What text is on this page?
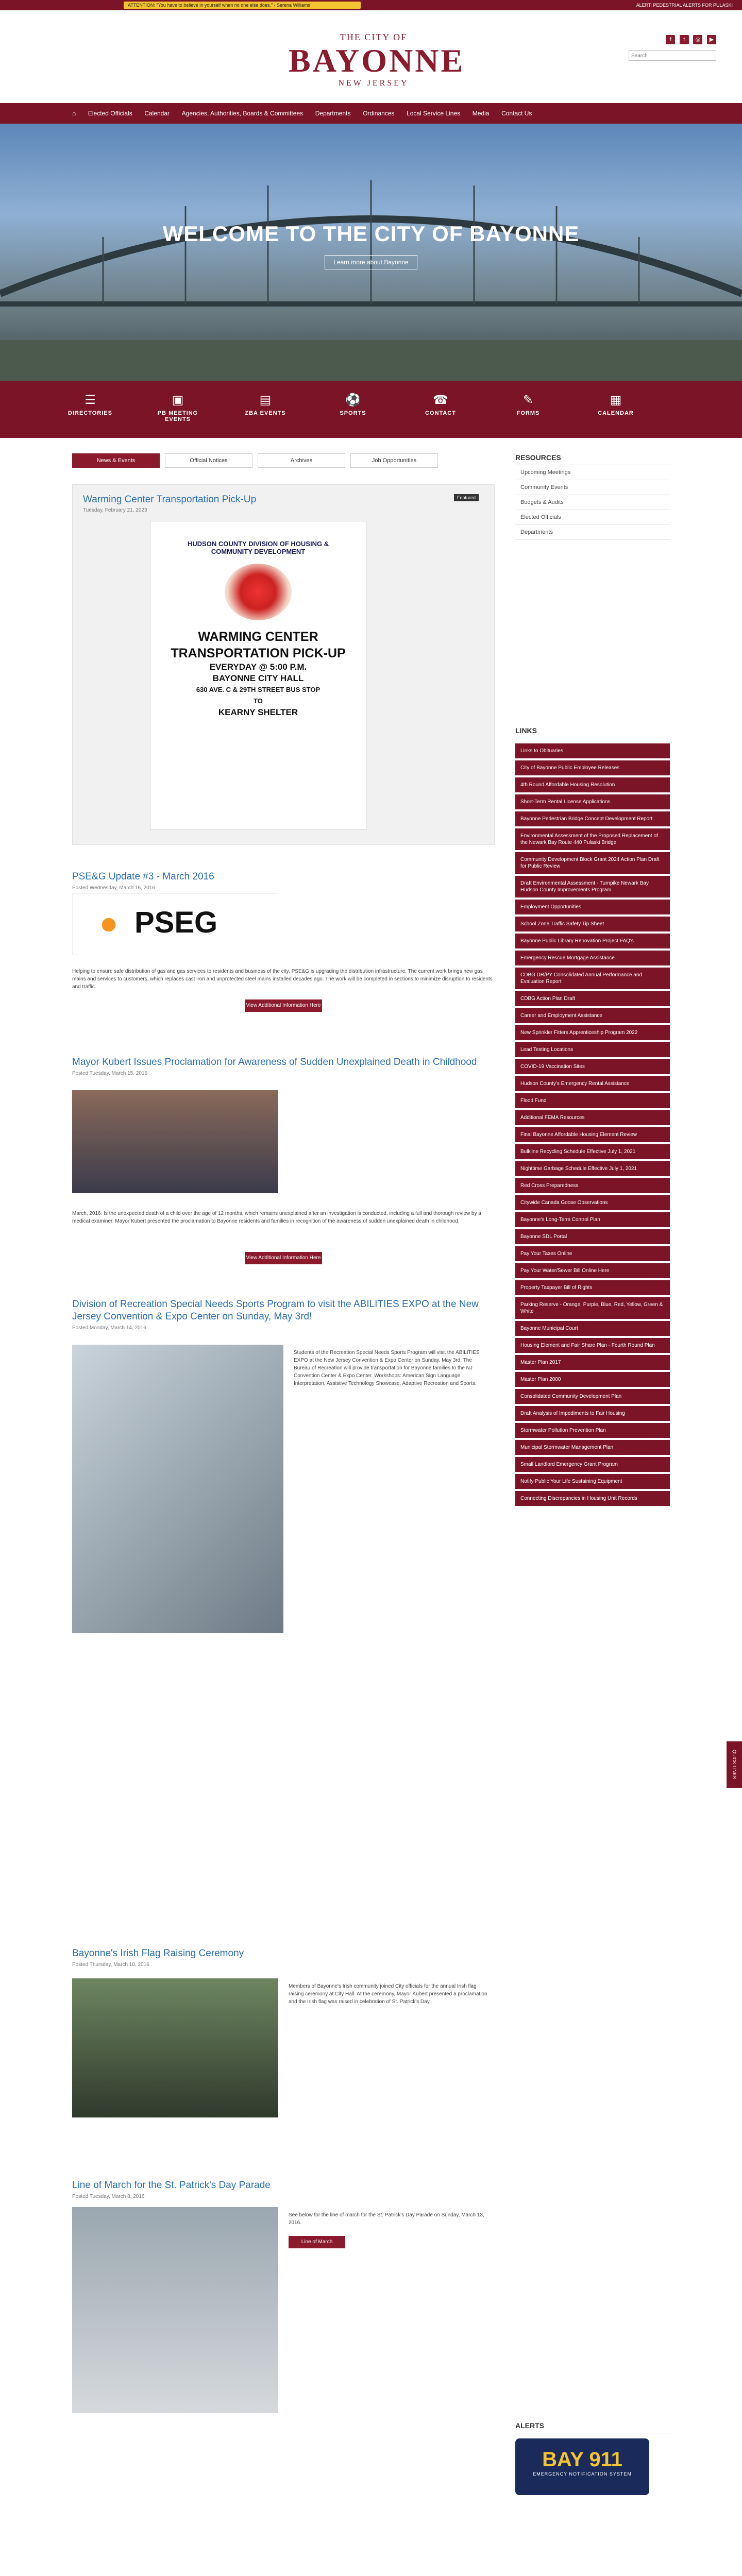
ATTENTION: "You have to believe in yourself when no one else does." - Serena Williams	ALERT: PEDESTRIAL ALERTS FOR PULASKI
THE CITY OF
BAYONNE
NEW JERSEY
f t ◎ ▶
Search
⌂ Elected Officials Calendar Agencies, Authorities, Boards & Committees Departments Ordinances Local Service Lines Media Contact Us
WELCOME TO THE CITY OF BAYONNE
Learn more about Bayonne
☰
DIRECTORIES
▣
PB MEETING EVENTS
▤
ZBA EVENTS
⚽
SPORTS
☎
CONTACT
✎
FORMS
▦
CALENDAR
News & Events	Official Notices	Archives	Job Opportunities
Warming Center Transportation Pick-Up
Tuesday, February 21, 2023
Featured
HUDSON COUNTY DIVISION OF HOUSING & COMMUNITY DEVELOPMENT
WARMING CENTER TRANSPORTATION PICK-UP
EVERYDAY @ 5:00 P.M.
BAYONNE CITY HALL
630 AVE. C & 29TH STREET BUS STOP
TO
KEARNY SHELTER
PSE&G Update #3 - March 2016
Posted Wednesday, March 16, 2016
PSEG

Helping to ensure safe distribution of gas and gas services to residents and business of the city, PSE&G is upgrading the distribution infrastructure. The current work brings new gas mains and services to customers, which replaces cast iron and unprotected steel mains installed decades ago. The work will be completed in sections to minimize disruption to residents and traffic.

View Additional Information Here
Mayor Kubert Issues Proclamation for Awareness of Sudden Unexplained Death in Childhood
Posted Tuesday, March 15, 2016

March, 2016: Is the unexpected death of a child over the age of 12 months, which remains unexplained after an investigation is conducted, including a full and thorough review by a medical examiner. Mayor Kubert presented the proclamation to Bayonne residents and families in recognition of the awareness of sudden unexplained death in childhood.

View Additional Information Here
Division of Recreation Special Needs Sports Program to visit the ABILITIES EXPO at the New Jersey Convention & Expo Center on Sunday, May 3rd!
Posted Monday, March 14, 2016

Students of the Recreation Special Needs Sports Program will visit the ABILITIES EXPO at the New Jersey Convention & Expo Center on Sunday, May 3rd. The Bureau of Recreation will provide transportation for Bayonne families to the NJ Convention Center & Expo Center. Workshops: American Sign Language Interpretation, Assistive Technology Showcase, Adaptive Recreation and Sports.

Bayonne's Irish Flag Raising Ceremony
Posted Thursday, March 10, 2016

Members of Bayonne's Irish community joined City officials for the annual Irish flag raising ceremony at City Hall. At the ceremony, Mayor Kubert presented a proclamation and the Irish flag was raised in celebration of St. Patrick's Day.

Line of March for the St. Patrick's Day Parade
Posted Tuesday, March 8, 2016

See below for the line of march for the St. Patrick's Day Parade on Sunday, March 13, 2016.

Line of March
RESOURCES
Upcoming Meetings
Community Events
Budgets & Audits
Elected Officials
Departments
LINKS
Links to Obituaries
City of Bayonne Public Employee Releases
4th Round Affordable Housing Resolution
Short-Term Rental License Applications
Bayonne Pedestrian Bridge Concept Development Report
Environmental Assessment of the Proposed Replacement of the Newark Bay Route 440 Pulaski Bridge
Community Development Block Grant 2024 Action Plan Draft for Public Review
Draft Environmental Assessment - Turnpike Newark Bay Hudson County Improvements Program
Employment Opportunities
School Zone Traffic Safety Tip Sheet
Bayonne Public Library Renovation Project FAQ's
Emergency Rescue Mortgage Assistance
CDBG DR/PY Consolidated Annual Performance and Evaluation Report
CDBG Action Plan Draft
Career and Employment Assistance
New Sprinkler Fitters Apprenticeship Program 2022
Lead Testing Locations
COVID-19 Vaccination Sites
Hudson County's Emergency Rental Assistance
Flood Fund
Additional FEMA Resources
Final Bayonne Affordable Housing Element Review
Bulkline Recycling Schedule Effective July 1, 2021
Nighttime Garbage Schedule Effective July 1, 2021
Red Cross Preparedness
Citywide Canada Goose Observations
Bayonne's Long-Term Control Plan
Bayonne SDL Portal
Pay Your Taxes Online
Pay Your Water/Sewer Bill Online Here
Property Taxpayer Bill of Rights
Parking Reserve - Orange, Purple, Blue, Red, Yellow, Green & White
Bayonne Municipal Court
Housing Element and Fair Share Plan - Fourth Round Plan
Master Plan 2017
Master Plan 2000
Consolidated Community Development Plan
Draft Analysis of Impediments to Fair Housing
Stormwater Pollution Prevention Plan
Municipal Stormwater Management Plan
Small Landlord Emergency Grant Program
Notify Public Your Life Sustaining Equipment
Connecting Discrepancies in Housing Unit Records
ALERTS
BAY 911
EMERGENCY NOTIFICATION SYSTEM
QUICK LINKS
